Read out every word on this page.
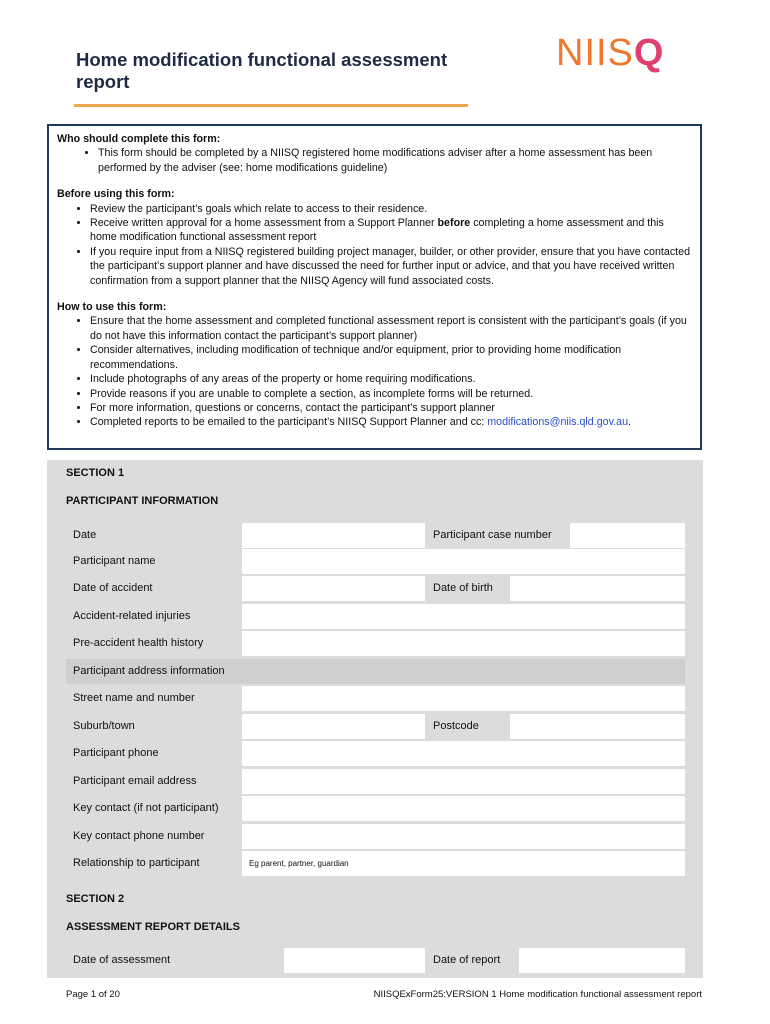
Home modification functional assessment report
NIIS Q
Who should complete this form:
• This form should be completed by a NIISQ registered home modifications adviser after a home assessment has been performed by the adviser (see: home modifications guideline)
Before using this form:
• Review the participant’s goals which relate to access to their residence.
• Receive written approval for a home assessment from a Support Planner before completing a home assessment and this home modification functional assessment report
• If you require input from a NIISQ registered building project manager, builder, or other provider, ensure that you have contacted the participant’s support planner and have discussed the need for further input or advice, and that you have received written confirmation from a support planner that the NIISQ Agency will fund associated costs.
How to use this form:
• Ensure that the home assessment and completed functional assessment report is consistent with the participant’s goals (if you do not have this information contact the participant’s support planner)
• Consider alternatives, including modification of technique and/or equipment, prior to providing home modification recommendations.
• Include photographs of any areas of the property or home requiring modifications.
• Provide reasons if you are unable to complete a section, as incomplete forms will be returned.
• For more information, questions or concerns, contact the participant’s support planner
• Completed reports to be emailed to the participant’s NIISQ Support Planner and cc: modifications@niis.qld.gov.au.
SECTION 1
PARTICIPANT INFORMATION
Date	Participant case number
Participant name
Date of accident	Date of birth
Accident-related injuries
Pre-accident health history
Participant address information
Street name and number
Suburb/town	Postcode
Participant phone
Participant email address
Key contact (if not participant)
Key contact phone number
Relationship to participant	Eg parent, partner, guardian
SECTION 2
ASSESSMENT REPORT DETAILS
Date of assessment	Date of report
Page 1 of 20	NIISQExForm25:VERSION 1 Home modification functional assessment report
